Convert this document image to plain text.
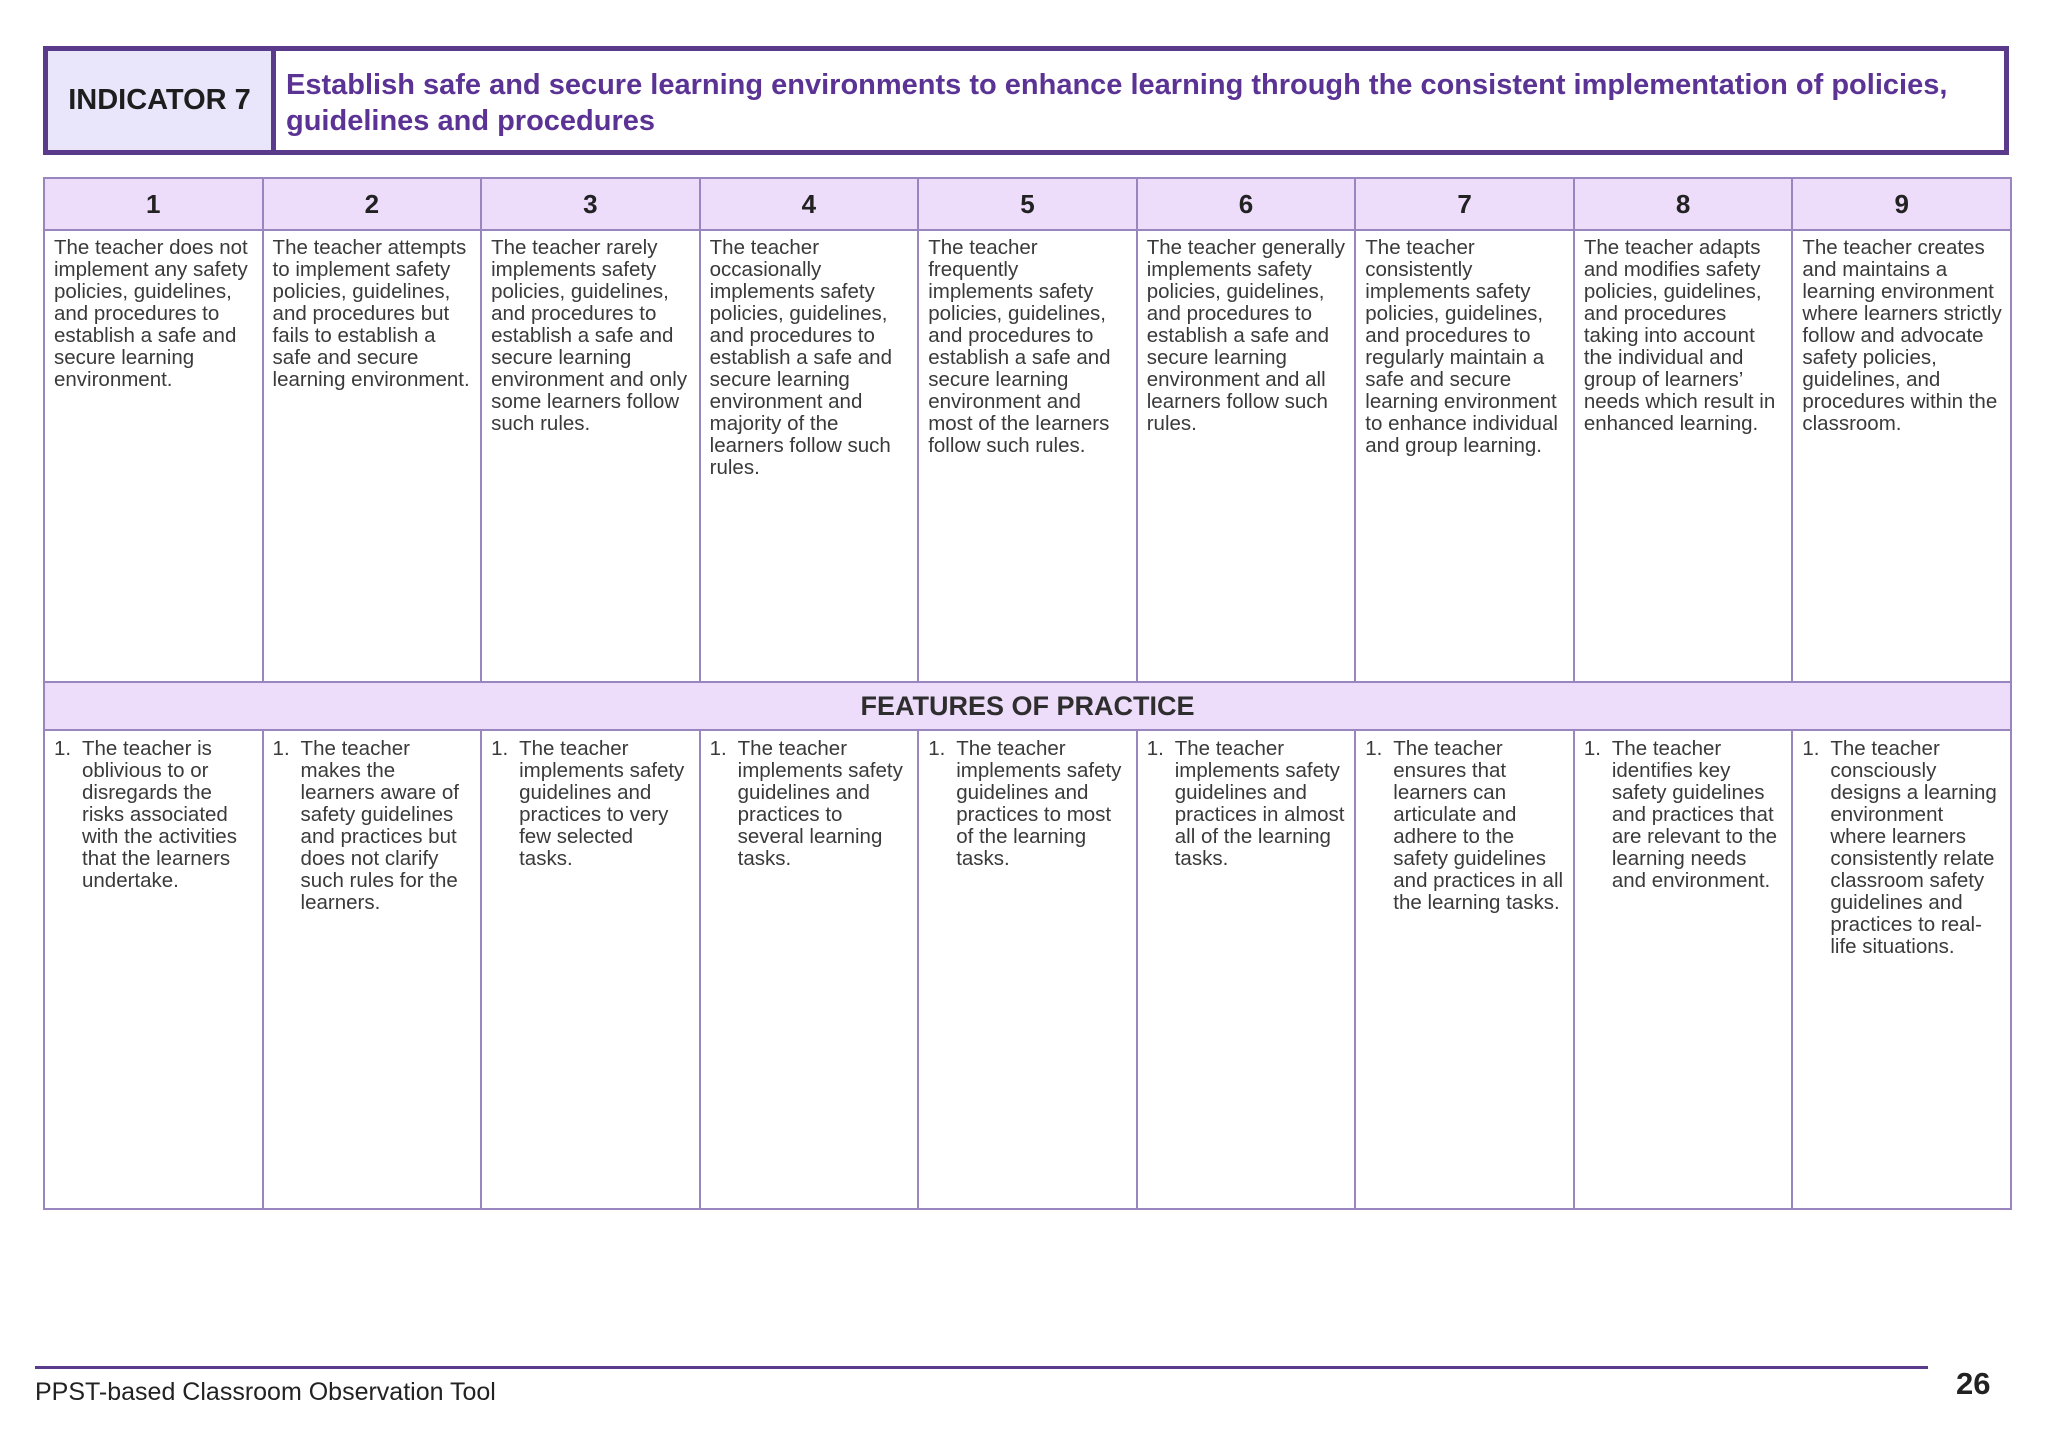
INDICATOR 7	Establish safe and secure learning environments to enhance learning through the consistent implementation of policies, guidelines and procedures
1	2	3	4	5	6	7	8	9
The teacher does not implement any safety policies, guidelines, and procedures to establish a safe and secure learning environment.	The teacher attempts to implement safety policies, guidelines, and procedures but fails to establish a safe and secure learning environment.	The teacher rarely implements safety policies, guidelines, and procedures to establish a safe and secure learning environment and only some learners follow such rules.	The teacher occasionally implements safety policies, guidelines, and procedures to establish a safe and secure learning environment and majority of the learners follow such rules.	The teacher frequently implements safety policies, guidelines, and procedures to establish a safe and secure learning environment and most of the learners follow such rules.	The teacher generally implements safety policies, guidelines, and procedures to establish a safe and secure learning environment and all learners follow such rules.	The teacher consistently implements safety policies, guidelines, and procedures to regularly maintain a safe and secure learning environment to enhance individual and group learning.	The teacher adapts and modifies safety policies, guidelines, and procedures taking into account the individual and group of learners’ needs which result in enhanced learning.	The teacher creates and maintains a learning environment where learners strictly follow and advocate safety policies, guidelines, and procedures within the classroom.
FEATURES OF PRACTICE								

1. The teacher is oblivious to or disregards the risks associated with the activities that the learners undertake.	1. The teacher makes the learners aware of safety guidelines and practices but does not clarify such rules for the learners.	1. The teacher implements safety guidelines and practices to very few selected tasks.	1. The teacher implements safety guidelines and practices to several learning tasks.	1. The teacher implements safety guidelines and practices to most of the learning tasks.	1. The teacher implements safety guidelines and practices in almost all of the learning tasks.	1. The teacher ensures that learners can articulate and adhere to the safety guidelines and practices in all the learning tasks.	1. The teacher identifies key safety guidelines and practices that are relevant to the learning needs and environment.	1. The teacher consciously designs a learning environment where learners consistently relate classroom safety guidelines and practices to real-life situations.
PPST-based Classroom Observation Tool	26
